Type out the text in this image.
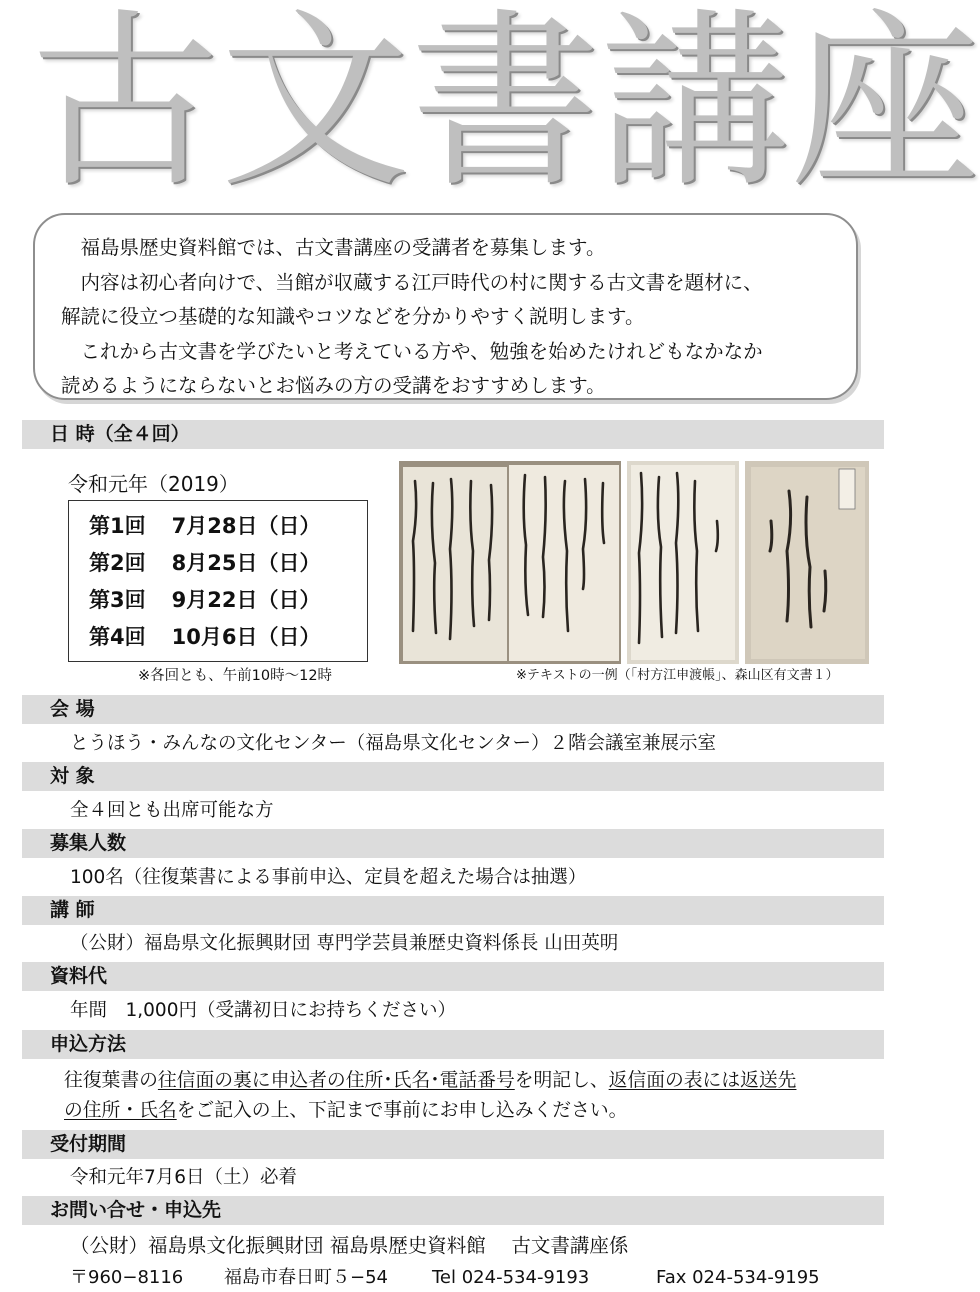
古 文 書 講 座

　福島県歴史資料館では、古文書講座の受講者を募集します。

　内容は初心者向けで、当館が収蔵する江戸時代の村に関する古文書を題材に、

解読に役立つ基礎的な知識やコツなどを分かりやすく説明します。

　これから古文書を学びたいと考えている方や、勉強を始めたけれどもなかなか

読めるようにならないとお悩みの方の受講をおすすめします。

日 時（全４回）
令和元年（2019）
第1回 7月28日（日）
第2回 8月25日（日）
第3回 9月22日（日）
第4回 10月6日（日）
※各回とも、午前10時～12時	※テキストの一例（「村方江申渡帳」、森山区有文書１）
会 場
とうほう・みんなの文化センター（福島県文化センター）２階会議室兼展示室
対 象
全４回とも出席可能な方
募集人数
100名（往復葉書による事前申込、定員を超えた場合は抽選）
講 師
（公財）福島県文化振興財団 専門学芸員兼歴史資料係長 山田英明
資料代
年間　1,000円（受講初日にお持ちください）
申込方法
往復葉書の往信面の裏に申込者の住所･氏名･電話番号を明記し、返信面の表には返送先
の住所・氏名をご記入の上、下記まで事前にお申し込みください。
受付期間
令和元年7月6日（土）必着
お問い合せ・申込先
（公財）福島県文化振興財団 福島県歴史資料館　 古文書講座係
〒960−8116 福島市春日町５−54 Tel 024-534-9193	Fax 024-534-9195
